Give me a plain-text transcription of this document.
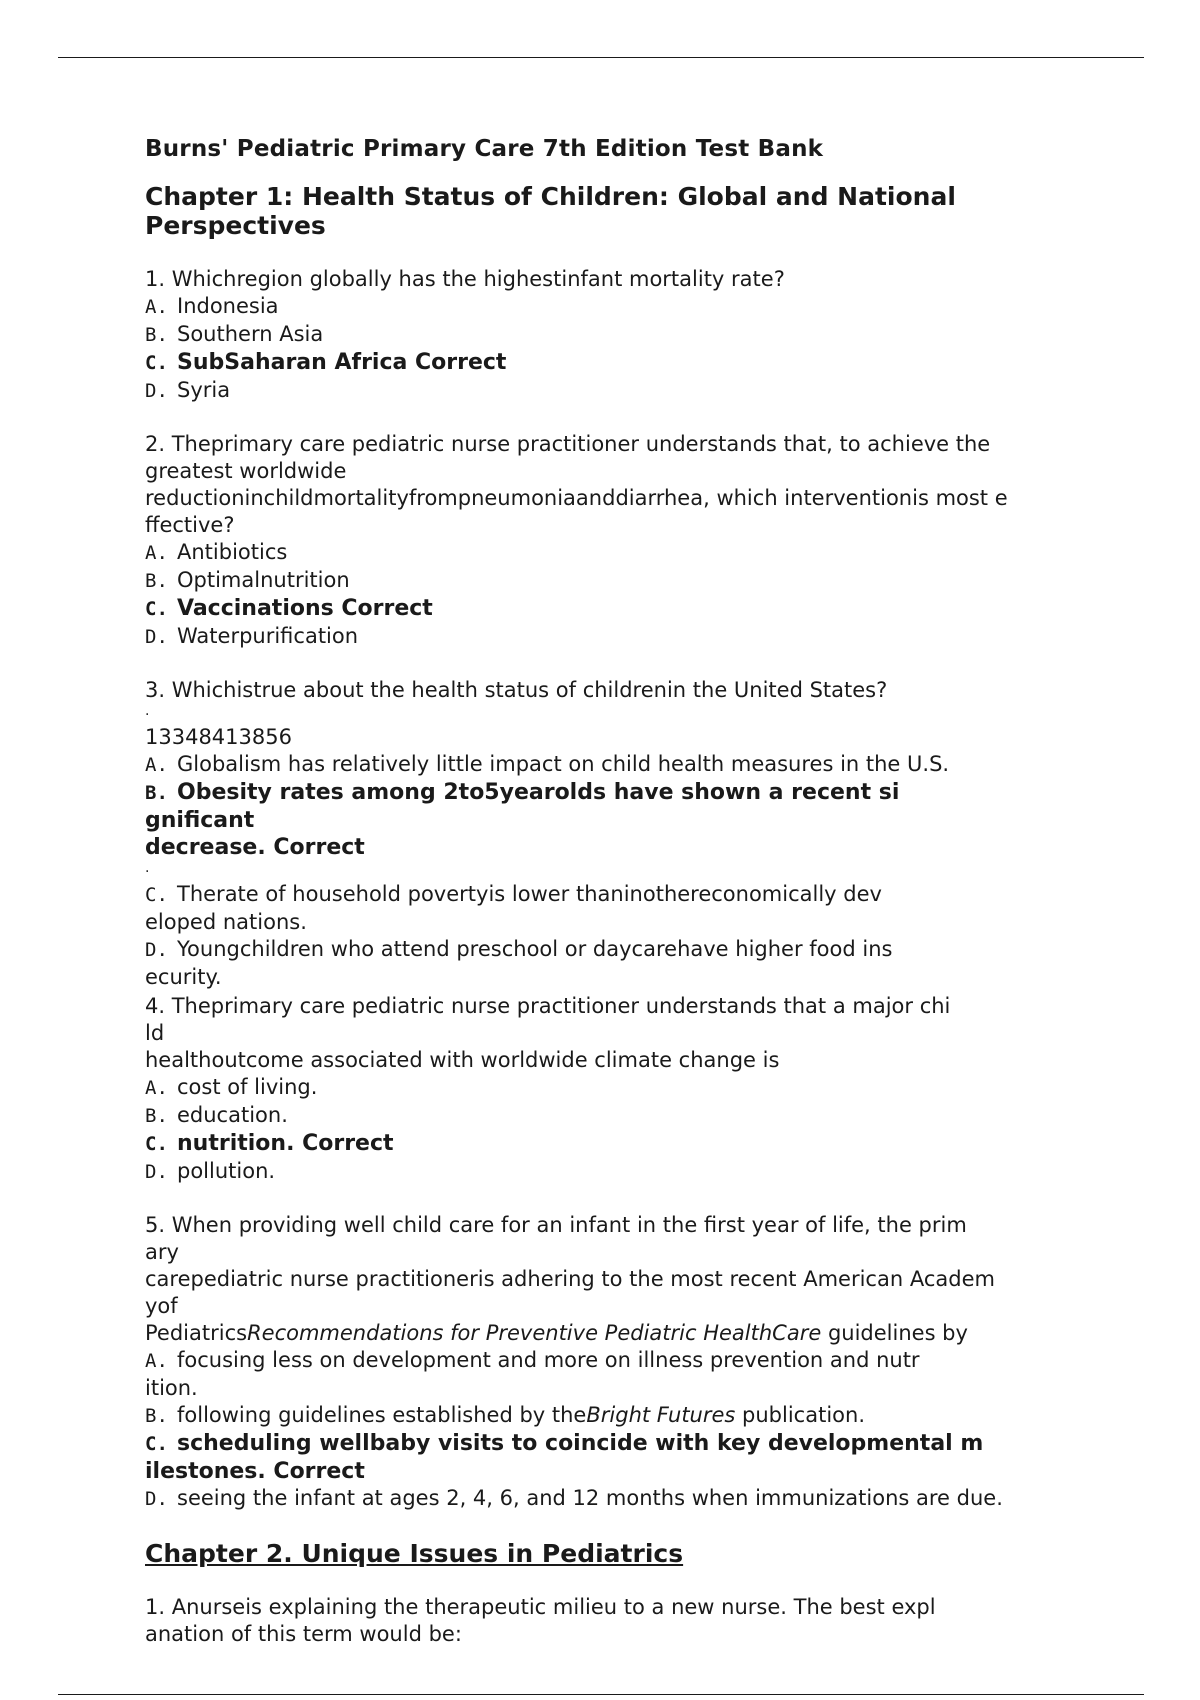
Burns' Pediatric Primary Care 7th Edition Test Bank
Chapter 1: Health Status of Children: Global and National Perspectives

1. Whichregion globally has the highestinfant mortality rate?

A. Indonesia

B. Southern Asia

C. SubSaharan Africa Correct

D. Syria

2. Theprimary care pediatric nurse practitioner understands that, to achieve the

greatest worldwide

reductioninchildmortalityfrompneumoniaanddiarrhea, which interventionis most e

ffective?

A. Antibiotics

B. Optimalnutrition

C. Vaccinations Correct

D. Waterpurification

3. Whichistrue about the health status of childrenin the United States?

.

13348413856

A. Globalism has relatively little impact on child health measures in the U.S.

B. Obesity rates among 2to5yearolds have shown a recent si

gnificant

decrease. Correct

.

C. Therate of household povertyis lower thaninothereconomically dev

eloped nations.

D. Youngchildren who attend preschool or daycarehave higher food ins

ecurity.

4. Theprimary care pediatric nurse practitioner understands that a major chi

ld

healthoutcome associated with worldwide climate change is

A. cost of living.

B. education.

C. nutrition. Correct

D. pollution.

5. When providing well child care for an infant in the first year of life, the prim

ary

carepediatric nurse practitioneris adhering to the most recent American Academ

yof

PediatricsRecommendations for Preventive Pediatric HealthCare guidelines by

A. focusing less on development and more on illness prevention and nutr

ition.

B. following guidelines established by theBright Futures publication.

C. scheduling wellbaby visits to coincide with key developmental m

ilestones. Correct

D. seeing the infant at ages 2, 4, 6, and 12 months when immunizations are due.

Chapter 2. Unique Issues in Pediatrics

1. Anurseis explaining the therapeutic milieu to a new nurse. The best expl

anation of this term would be:
